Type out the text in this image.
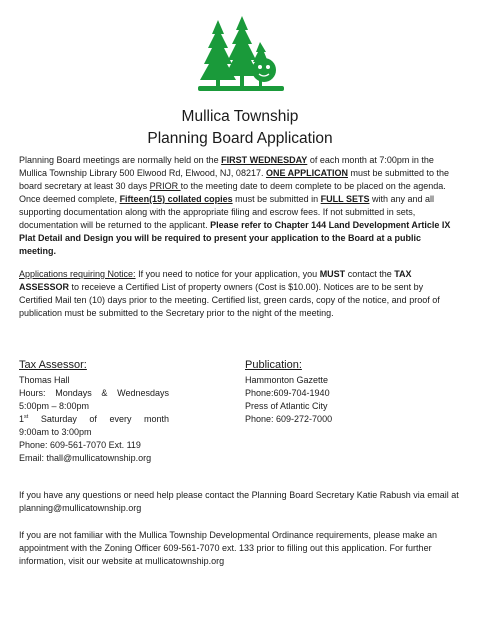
Mullica Township
Planning Board Application
Planning Board meetings are normally held on the FIRST WEDNESDAY of each month at 7:00pm in the Mullica Township Library 500 Elwood Rd, Elwood, NJ, 08217. ONE APPLICATION must be submitted to the board secretary at least 30 days PRIOR to the meeting date to deem complete to be placed on the agenda. Once deemed complete, Fifteen(15) collated copies must be submitted in FULL SETS with any and all supporting documentation along with the appropriate filing and escrow fees. If not submitted in sets, documentation will be returned to the applicant. Please refer to Chapter 144 Land Development Article IX Plat Detail and Design you will be required to present your application to the Board at a public meeting.
Applications requiring Notice: If you need to notice for your application, you MUST contact the TAX ASSESSOR to receieve a Certified List of property owners (Cost is $10.00). Notices are to be sent by Certified Mail ten (10) days prior to the meeting. Certified list, green cards, copy of the notice, and proof of publication must be submitted to the Secretary prior to the night of the meeting.
Tax Assessor:
Thomas Hall
Hours: Mondays & Wednesdays
5:00pm – 8:00pm
1st Saturday of every month
9:00am to 3:00pm
Phone: 609-561-7070 Ext. 119
Email: thall@mullicatownship.org
Publication:
Hammonton Gazette
Phone:609-704-1940
Press of Atlantic City
Phone: 609-272-7000
If you have any questions or need help please contact the Planning Board Secretary Katie Rabush via email at planning@mullicatownship.org
If you are not familiar with the Mullica Township Developmental Ordinance requirements, please make an appointment with the Zoning Officer 609-561-7070 ext. 133 prior to filling out this application. For further information, visit our website at mullicatownship.org
